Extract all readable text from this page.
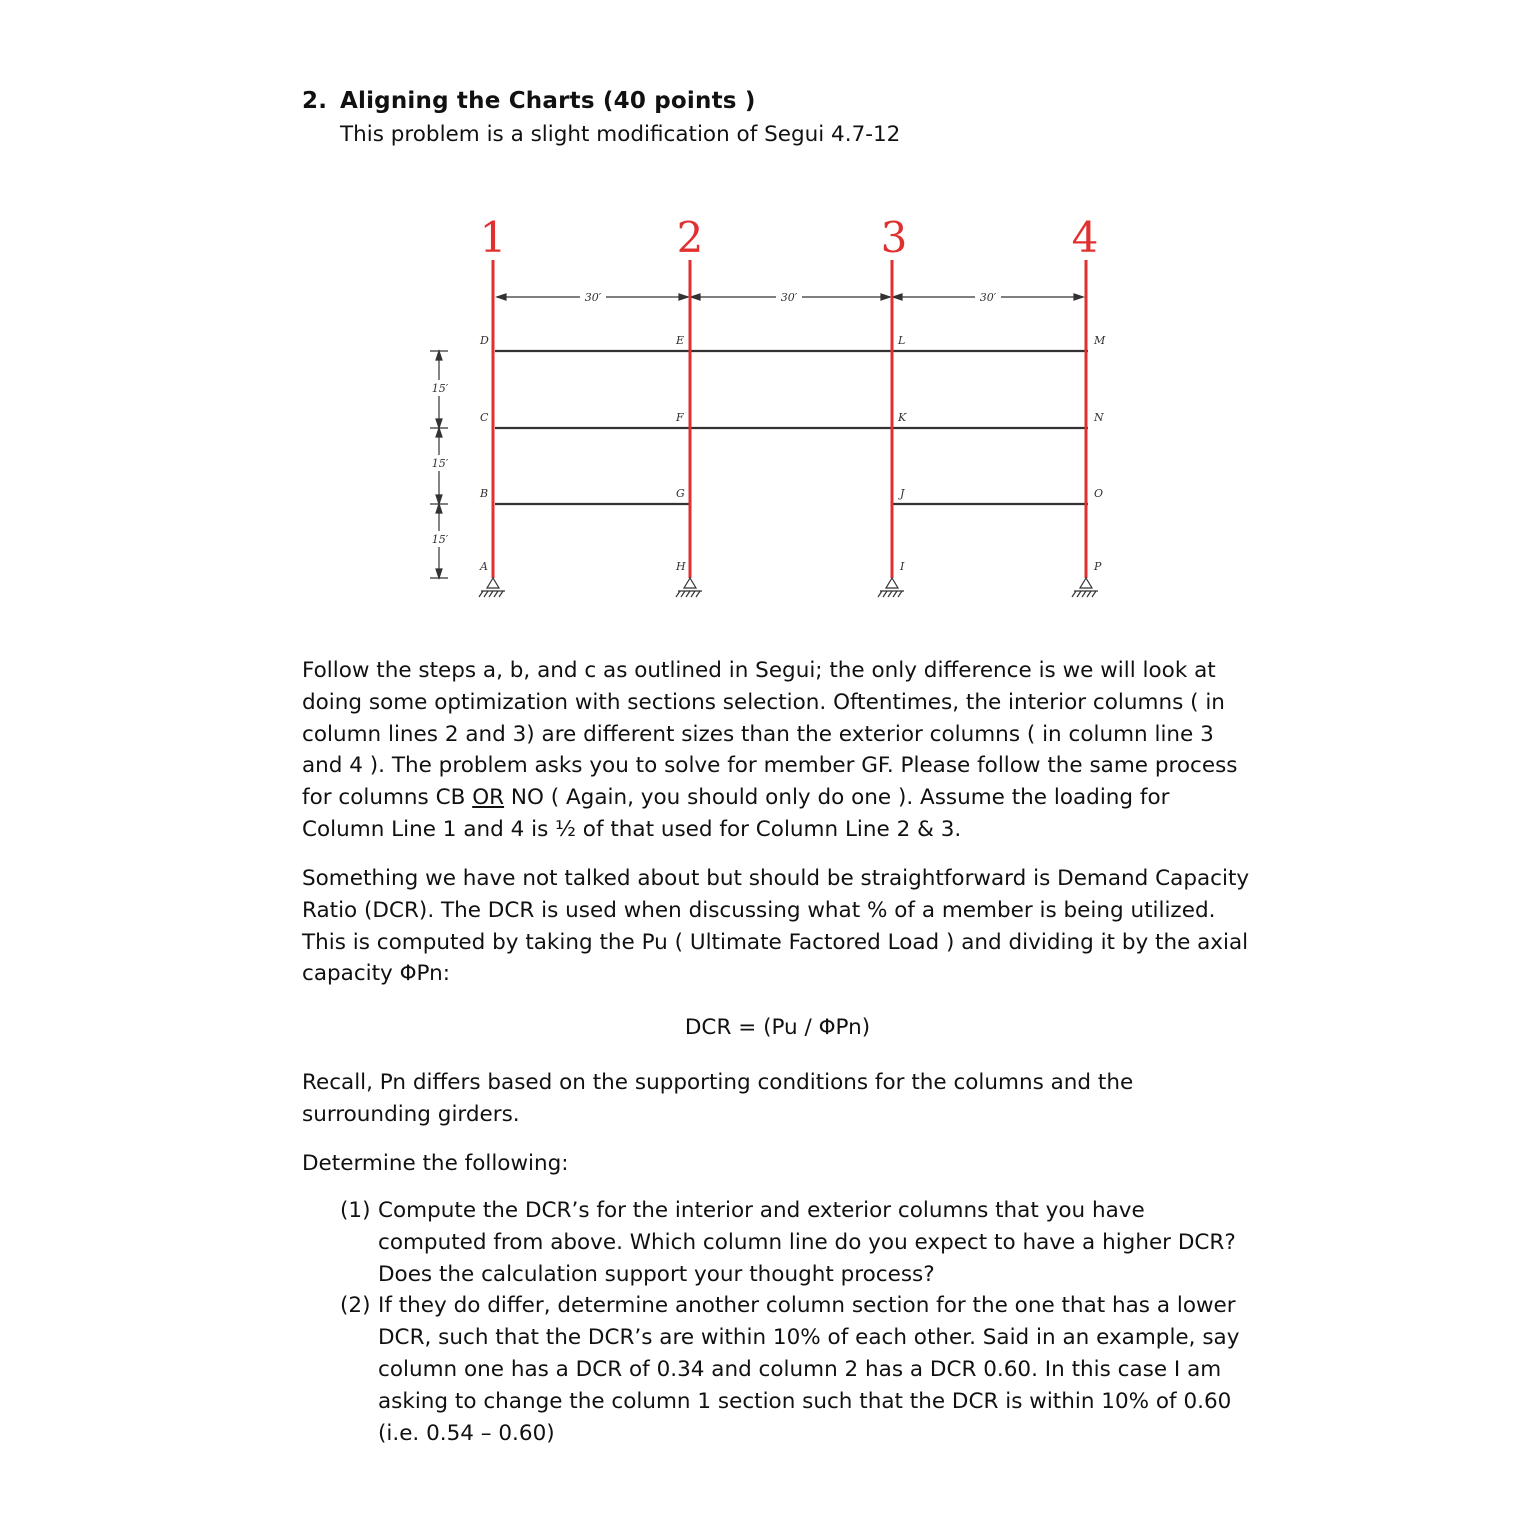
2. Aligning the Charts (40 points )
This problem is a slight modification of Segui 4.7-12
1	2	3	4
30′	30′	30′
15′
15′
15′
D
C
B
A
E
F
G
H
L
K
J
I
M
N
O
P
Follow the steps a, b, and c as outlined in Segui; the only difference is we will look at doing some optimization with sections selection. Oftentimes, the interior columns ( in column lines 2 and 3) are different sizes than the exterior columns ( in column line 3 and 4 ). The problem asks you to solve for member GF. Please follow the same process for columns CB OR NO ( Again, you should only do one ). Assume the loading for Column Line 1 and 4 is ½ of that used for Column Line 2 & 3.
Something we have not talked about but should be straightforward is Demand Capacity Ratio (DCR). The DCR is used when discussing what % of a member is being utilized. This is computed by taking the Pu ( Ultimate Factored Load ) and dividing it by the axial capacity ΦPn:
DCR = (Pu / ΦPn)
Recall, Pn differs based on the supporting conditions for the columns and the surrounding girders.
Determine the following:
(1) Compute the DCR’s for the interior and exterior columns that you have computed from above. Which column line do you expect to have a higher DCR? Does the calculation support your thought process?
(2) If they do differ, determine another column section for the one that has a lower DCR, such that the DCR’s are within 10% of each other. Said in an example, say column one has a DCR of 0.34 and column 2 has a DCR 0.60. In this case I am asking to change the column 1 section such that the DCR is within 10% of 0.60 (i.e. 0.54 – 0.60)
